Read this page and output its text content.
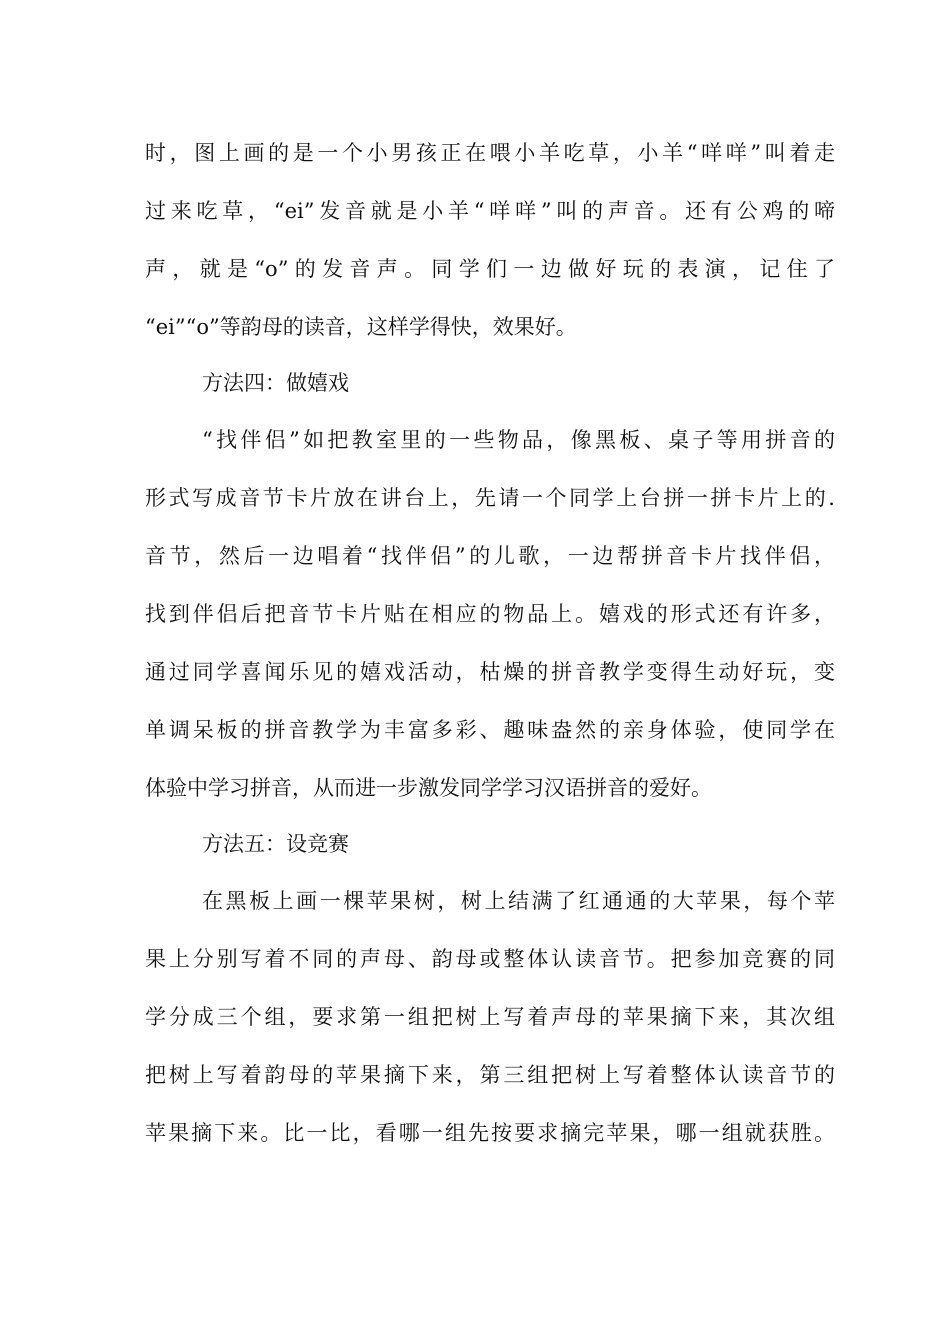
时，图上画的是一个小男孩正在喂小羊吃草，小羊“咩咩”叫着走
过来吃草，“ei”发音就是小羊“咩咩”叫的声音。还有公鸡的啼
声，就是“o”的发音声。同学们一边做好玩的表演，记住了
“ei”“o”等韵母的读音，这样学得快，效果好。
方法四：做嬉戏
“找伴侣”如把教室里的一些物品，像黑板、桌子等用拼音的
形式写成音节卡片放在讲台上，先请一个同学上台拼一拼卡片上的.
音节，然后一边唱着“找伴侣”的儿歌，一边帮拼音卡片找伴侣，
找到伴侣后把音节卡片贴在相应的物品上。嬉戏的形式还有许多，
通过同学喜闻乐见的嬉戏活动，枯燥的拼音教学变得生动好玩，变
单调呆板的拼音教学为丰富多彩、趣味盎然的亲身体验，使同学在
体验中学习拼音，从而进一步激发同学学习汉语拼音的爱好。
方法五：设竞赛
在黑板上画一棵苹果树，树上结满了红通通的大苹果，每个苹
果上分别写着不同的声母、韵母或整体认读音节。把参加竞赛的同
学分成三个组，要求第一组把树上写着声母的苹果摘下来，其次组
把树上写着韵母的苹果摘下来，第三组把树上写着整体认读音节的
苹果摘下来。比一比，看哪一组先按要求摘完苹果，哪一组就获胜。
